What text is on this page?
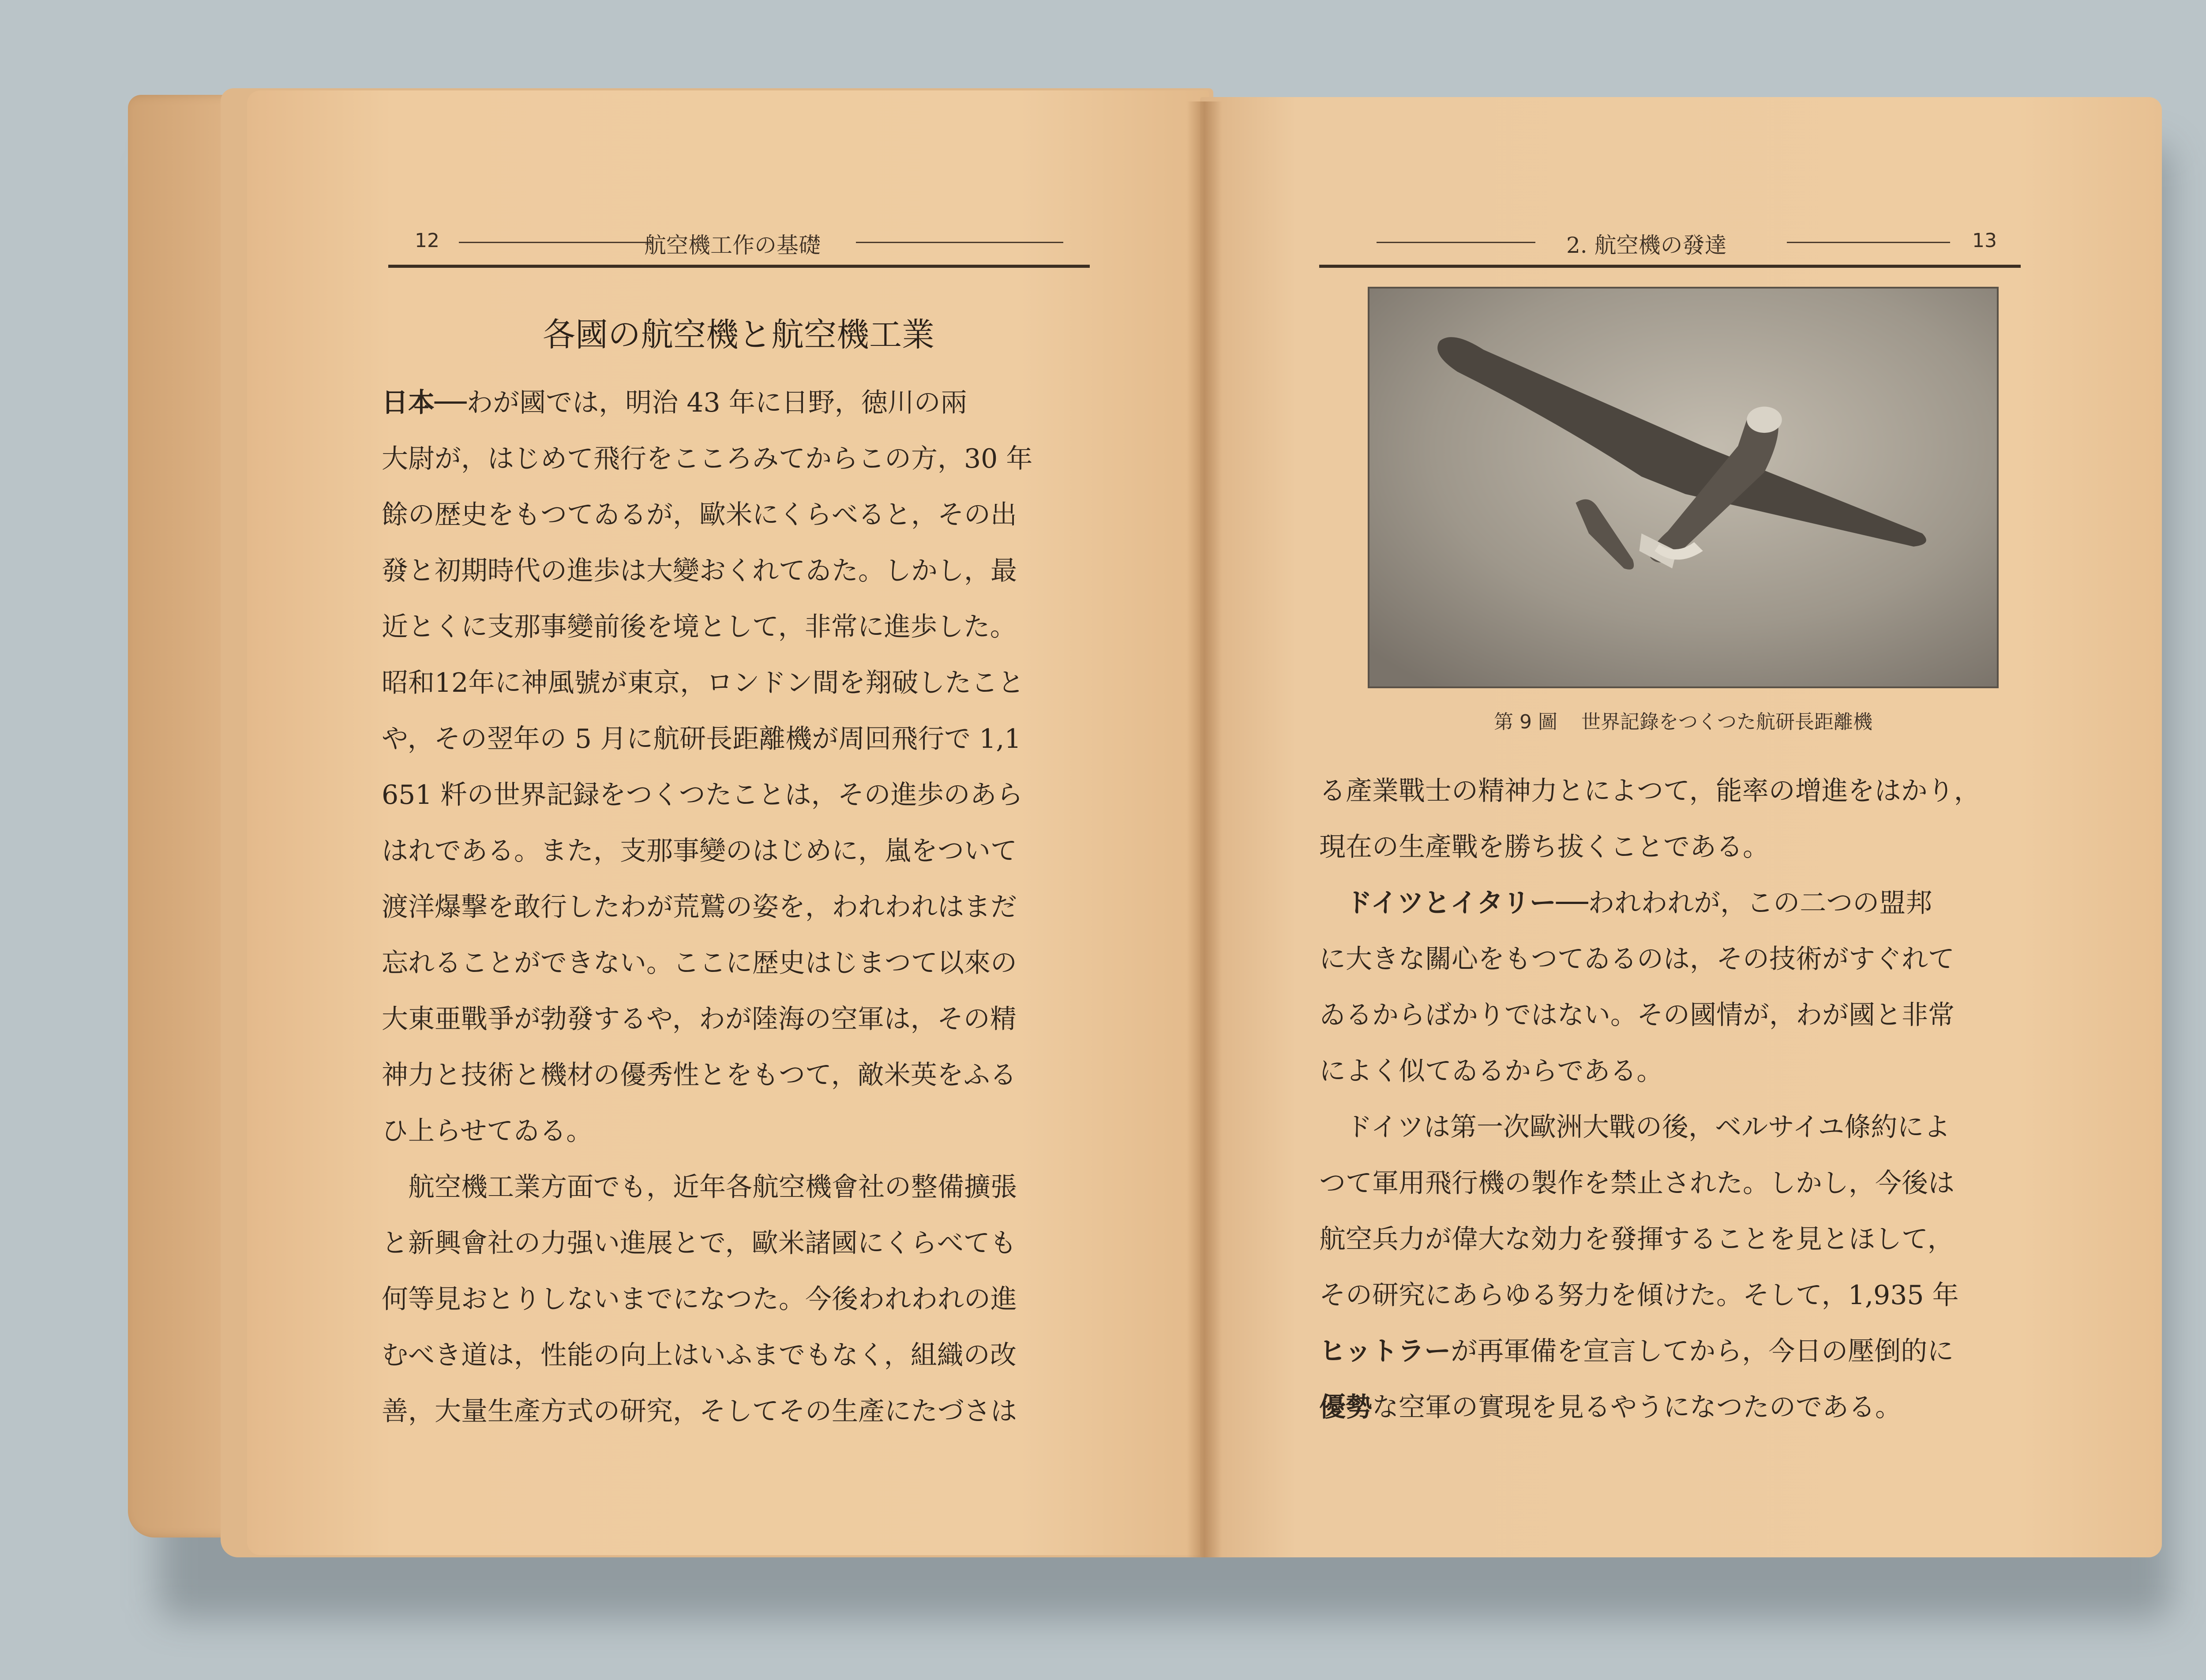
12	航空機工作の基礎
各國の航空機と航空機工業
日本──わが國では，明治 43 年に日野，徳川の兩
大尉が，はじめて飛行をこころみてからこの方，30 年
餘の歴史をもつてゐるが，歐米にくらべると，その出
發と初期時代の進歩は大變おくれてゐた。しかし，最
近とくに支那事變前後を境として，非常に進歩した。
昭和12年に神風號が東京，ロンドン間を翔破したこと
や，その翌年の 5 月に航研長距離機が周回飛行で 1,1
651 粁の世界記録をつくつたことは，その進歩のあら
はれである。また，支那事變のはじめに，嵐をついて
渡洋爆撃を敢行したわが荒鷲の姿を，われわれはまだ
忘れることができない。ここに歴史はじまつて以來の
大東亜戰爭が勃發するや，わが陸海の空軍は，その精
神力と技術と機材の優秀性とをもつて，敵米英をふる
ひ上らせてゐる。
　航空機工業方面でも，近年各航空機會社の整備擴張
と新興會社の力强い進展とで，歐米諸國にくらべても
何等見おとりしないまでになつた。今後われわれの進
むべき道は，性能の向上はいふまでもなく，組織の改
善，大量生產方式の研究，そしてその生產にたづさは
2. 航空機の發達	13
第 9 圖 世界記錄をつくつた航研長距離機
る產業戰士の精神力とによつて，能率の增進をはかり，
現在の生產戰を勝ち拔くことである。
　ドイツとイタリー──われわれが，この二つの盟邦
に大きな關心をもつてゐるのは，その技術がすぐれて
ゐるからばかりではない。その國情が，わが國と非常
によく似てゐるからである。
　ドイツは第一次歐洲大戰の後，ベルサイユ條約によ
つて軍用飛行機の製作を禁止された。しかし，今後は
航空兵力が偉大な効力を發揮することを見とほして，
その研究にあらゆる努力を傾けた。そして，1,935 年
ヒットラーが再軍備を宣言してから，今日の壓倒的に
優勢な空軍の實現を見るやうになつたのである。
